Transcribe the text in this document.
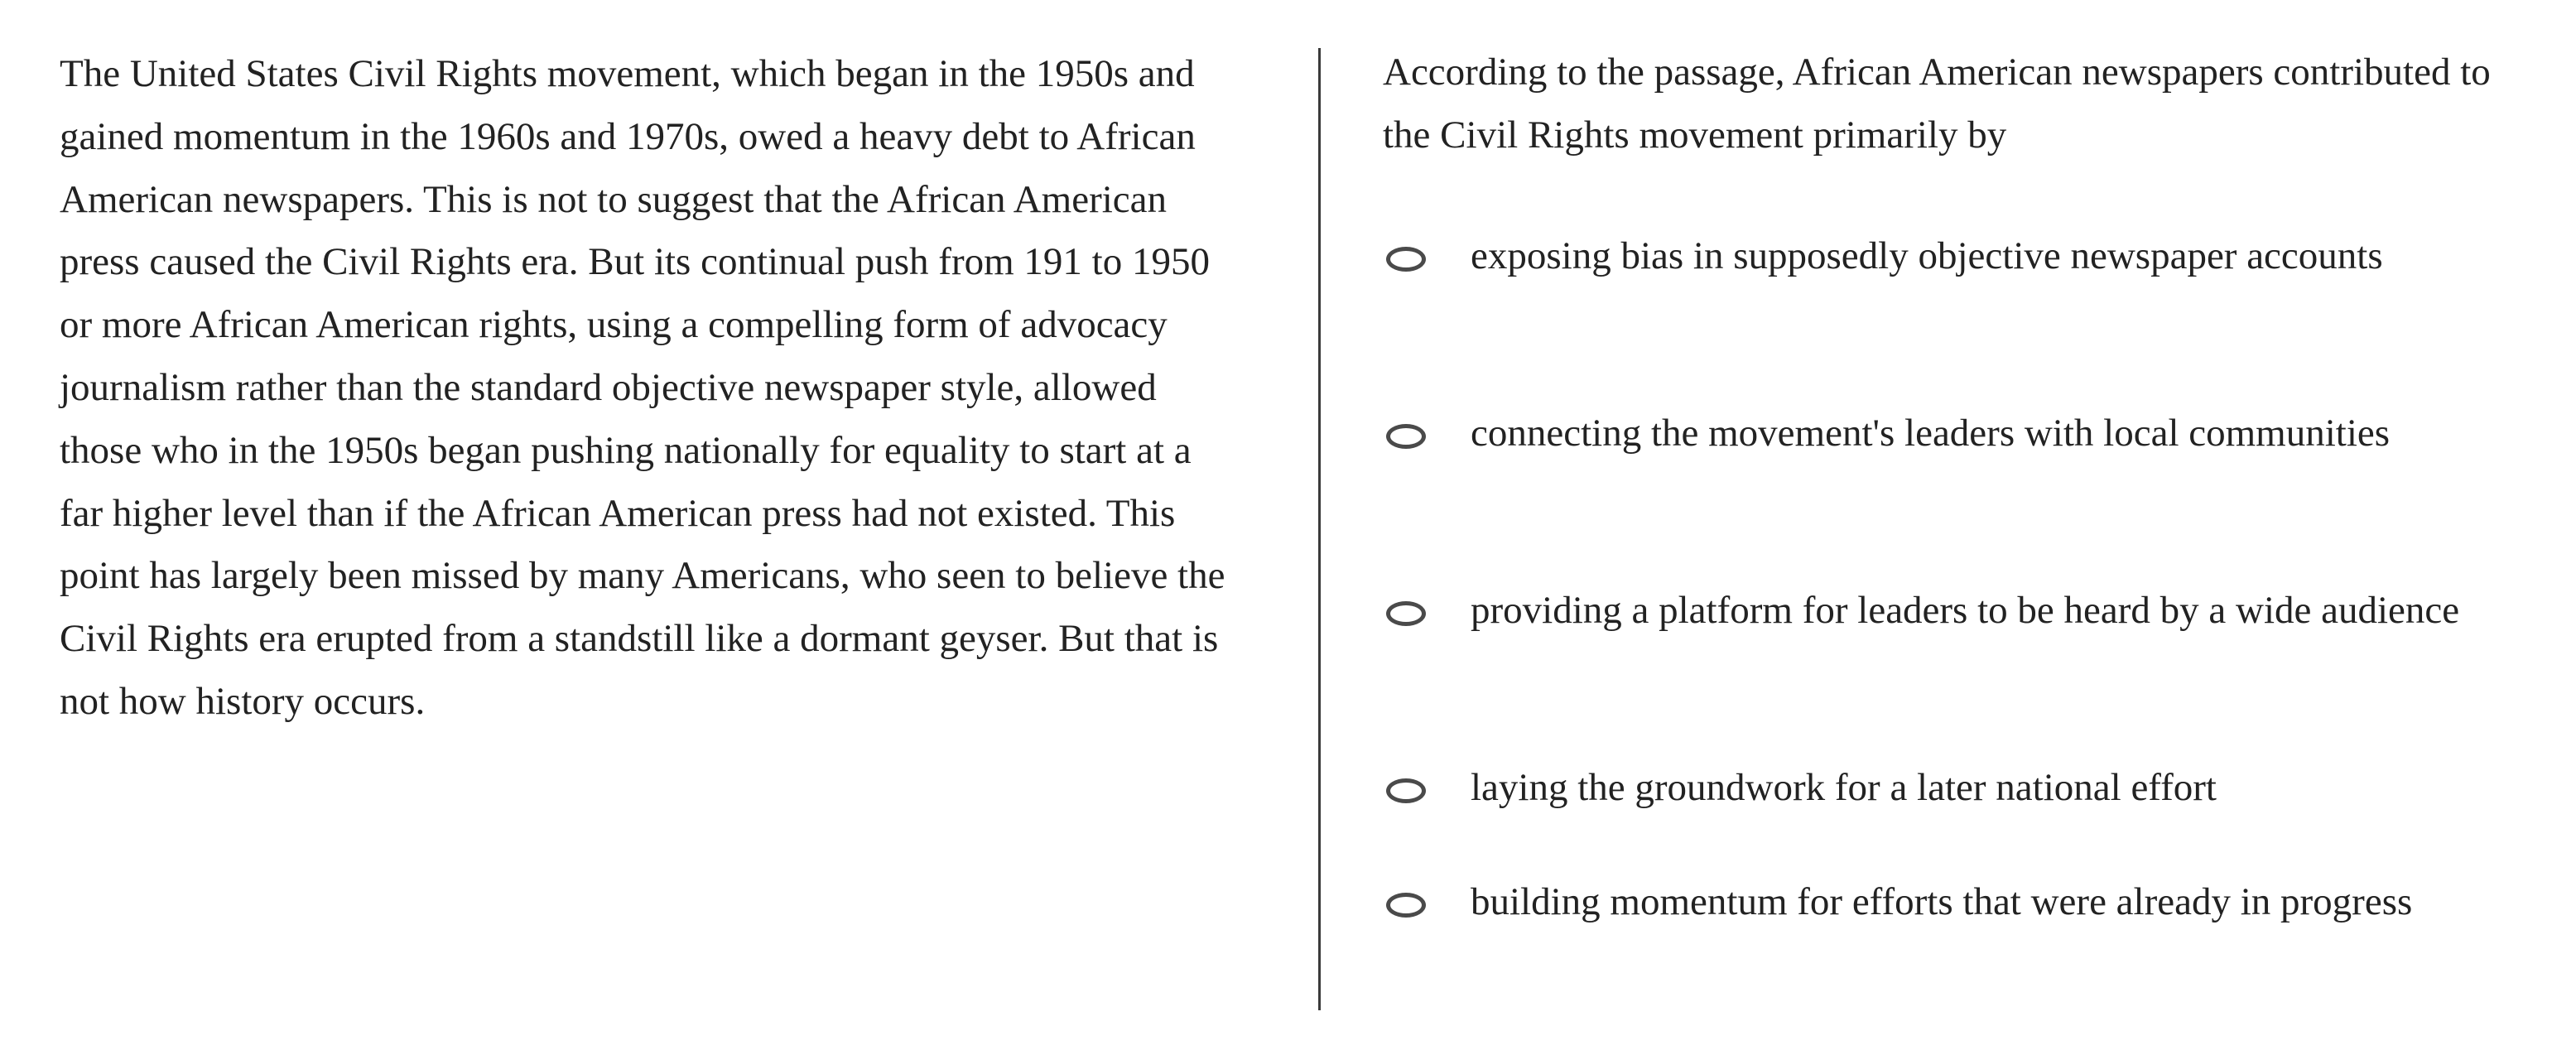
The United States Civil Rights movement, which began in the 1950s and gained momentum in the 1960s and 1970s, owed a heavy debt to African American newspapers. This is not to suggest that the African American press caused the Civil Rights era. But its continual push from 191 to 1950 or more African American rights, using a compelling form of advocacy journalism rather than the standard objective newspaper style, allowed those who in the 1950s began pushing nationally for equality to start at a far higher level than if the African American press had not existed. This point has largely been missed by many Americans, who seen to believe the Civil Rights era erupted from a standstill like a dormant geyser. But that is not how history occurs.

According to the passage, African American newspapers contributed to the Civil Rights movement primarily by

exposing bias in supposedly objective newspaper accounts
connecting the movement's leaders with local communities
providing a platform for leaders to be heard by a wide audience
laying the groundwork for a later national effort
building momentum for efforts that were already in progress
